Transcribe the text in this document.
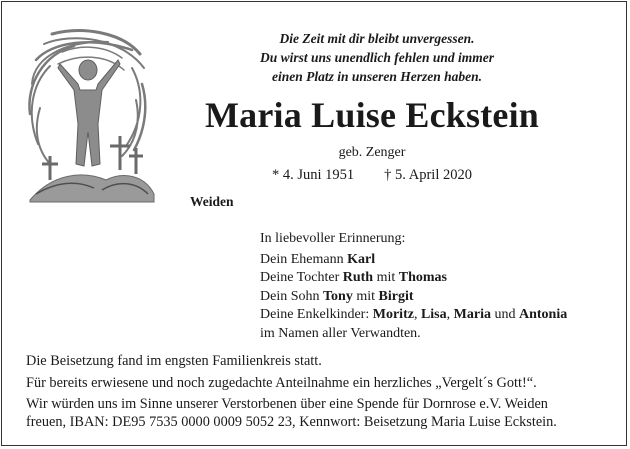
Die Zeit mit dir bleibt unvergessen.
Du wirst uns unendlich fehlen und immer
einen Platz in unseren Herzen haben.
Maria Luise Eckstein
geb. Zenger
* 4. Juni 1951 † 5. April 2020
Weiden
In liebevoller Erinnerung:
Dein Ehemann Karl
Deine Tochter Ruth mit Thomas
Dein Sohn Tony mit Birgit
Deine Enkelkinder: Moritz, Lisa, Maria und Antonia
im Namen aller Verwandten.
Die Beisetzung fand im engsten Familienkreis statt.
Für bereits erwiesene und noch zugedachte Anteilnahme ein herzliches „Vergelt´s Gott!“.
Wir würden uns im Sinne unserer Verstorbenen über eine Spende für Dornrose e.V. Weiden
freuen, IBAN: DE95 7535 0000 0009 5052 23, Kennwort: Beisetzung Maria Luise Eckstein.
